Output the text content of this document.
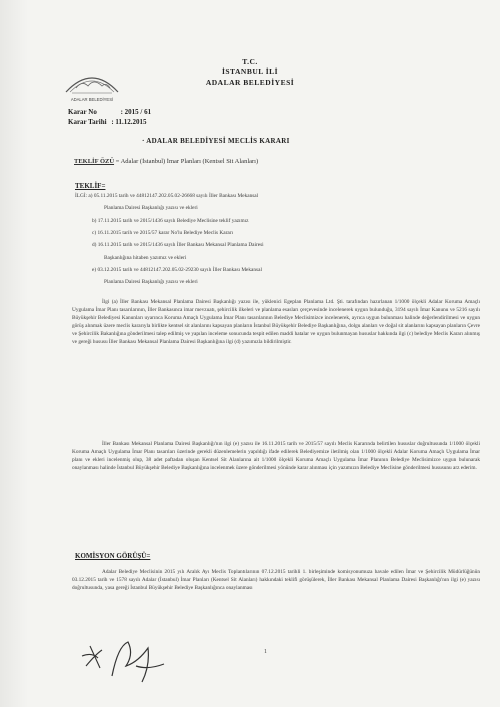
ADALAR BELEDİYESİ
T.C.
İSTANBUL İLİ
ADALAR BELEDİYESİ
Karar No	: 2015 / 61
Karar Tarihi : 11.12.2015
· ADALAR BELEDİYESİ MECLİS KARARI
TEKLİF ÖZÜ = Adalar (İstanbul) İmar Planları (Kentsel Sit Alanları)
TEKLİF=
İLGİ: a) 05.11.2015 tarih ve 44812147.202.05.02-26668 sayılı İller Bankası Mekansal
Planlama Dairesi Başkanlığı yazısı ve ekleri
b) 17.11.2015 tarih ve 2015/1436 sayılı Belediye Meclisine teklif yazımız
c) 16.11.2015 tarih ve 2015/57 karar No'lu Belediye Meclis Kararı
d) 16.11.2015 tarih ve 2015/1436 sayılı İller Bankası Mekansal Planlama Dairesi
Başkanlığına hitaben yazımız ve ekleri
e) 03.12.2015 tarih ve 44812147.202.05.02-29230 sayılı İller Bankası Mekansal
Planlama Dairesi Başkanlığı yazısı ve ekleri

İlgi (a) İller Bankası Mekansal Planlama Dairesi Başkanlığı yazısı ile, yüklenici Egeplan Planlama Ltd. Şti. tarafından hazırlanan 1/1000 ölçekli Adalar Koruma Amaçlı Uygulama İmar Planı tasarılarının, İller Bankasınca imar mevzuatı, şehircilik ilkeleri ve planlama esasları çerçevesinde incelenerek uygun bulunduğu, 3194 sayılı İmar Kanunu ve 5216 sayılı Büyükşehir Belediyesi Kanunları uyarınca Koruma Amaçlı Uygulama İmar Planı tasarılarının Belediye Meclisimizce incelenerek, ayrıca uygun bulunması halinde değerlendirilmesi ve uygun görüş alınmak üzere meclis kararıyla birlikte kentsel sit alanlarını kapsayan planların İstanbul Büyükşehir Belediye Başkanlığına, dolgu alanları ve doğal sit alanlarını kapsayan planların Çevre ve Şehircilik Bakanlığına gönderilmesi talep edilmiş ve yapılan inceleme sonucunda tespit edilen maddi hatalar ve uygun bulunmayan hususlar hakkında ilgi (c) belediye Meclis Kararı alınmış ve gereği hususu İller Bankası Mekansal Planlama Dairesi Başkanlığına ilgi (d) yazımızla bildirilmiştir.

İller Bankası Mekansal Planlama Dairesi Başkanlığı'nın ilgi (e) yazısı ile 16.11.2015 tarih ve 2015/57 sayılı Meclis Kararında belirtilen hususlar doğrultusunda 1/1000 ölçekli Koruma Amaçlı Uygulama İmar Planı tasarıları üzerinde gerekli düzenlemelerin yapıldığı ifade edilerek Belediyemize iletilmiş olan 1/1000 ölçekli Adalar Koruma Amaçlı Uygulama İmar planı ve ekleri incelenmiş olup, 38 adet paftadan oluşan Kentsel Sit Alanlarına ait 1/1000 ölçekli Koruma Amaçlı Uygulama İmar Planının Belediye Meclisimizce uygun bulunarak onaylanması halinde İstanbul Büyükşehir Belediye Başkanlığına incelenmek üzere gönderilmesi yönünde karar alınması için yazımızın Belediye Meclisine gönderilmesi hususunu arz ederim.

KOMİSYON GÖRÜŞÜ=

Adalar Belediye Meclisinin 2015 yılı Aralık Ayı Meclis Toplantılarının 07.12.2015 tarihli 1. birleşiminde komisyonumuza havale edilen İmar ve Şehircilik Müdürlüğünün 03.12.2015 tarih ve 1578 sayılı Adalar (İstanbul) İmar Planları (Kentsel Sit Alanları) hakkındaki teklifi görüşülerek, İller Bankası Mekansal Planlama Dairesi Başkanlığı'nın ilgi (e) yazısı doğrultusunda, yasa gereği İstanbul Büyükşehir Belediye Başkanlığınca onaylanması

1
